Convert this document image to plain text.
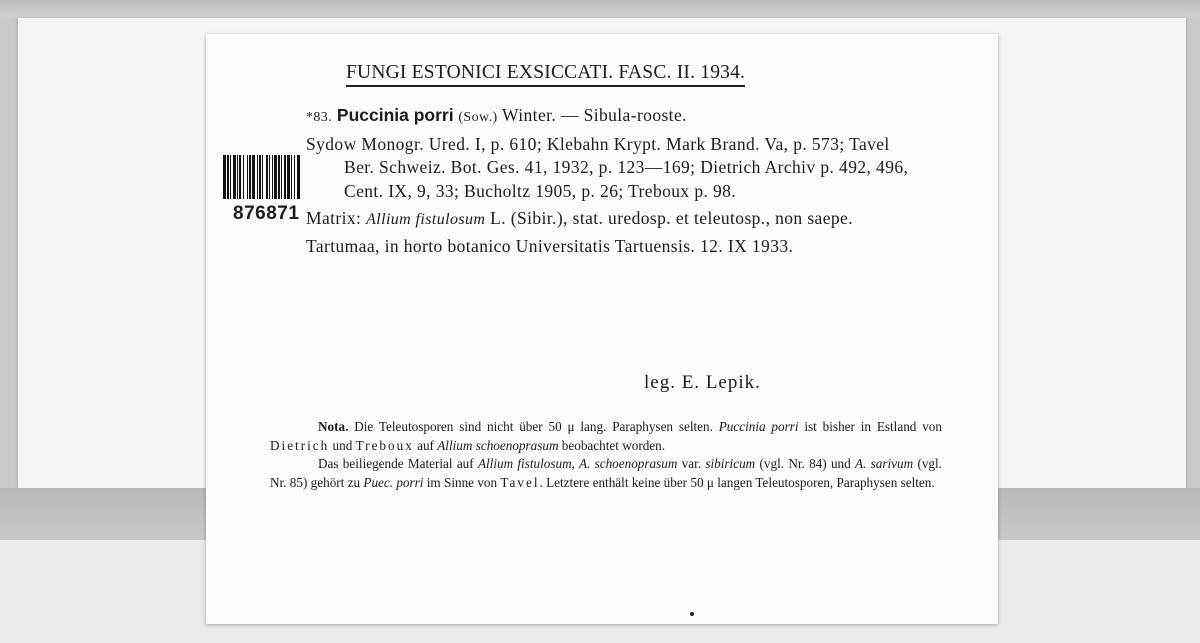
FUNGI ESTONICI EXSICCATI. FASC. II. 1934.
876871

*83. Puccinia porri (Sow.) Winter. — Sibula-rooste.

Sydow Monogr. Ured. I, p. 610; Klebahn Krypt. Mark Brand. Va, p. 573; Tavel Ber. Schweiz. Bot. Ges. 41, 1932, p. 123—169; Dietrich Archiv p. 492, 496, Cent. IX, 9, 33; Bucholtz 1905, p. 26; Treboux p. 98.

Matrix: Allium fistulosum L. (Sibir.), stat. uredosp. et teleutosp., non saepe.

Tartumaa, in horto botanico Universitatis Tartuensis. 12. IX 1933.

leg. E. Lepik.

Nota. Die Teleutosporen sind nicht über 50 μ lang. Paraphysen selten. Puccinia porri ist bisher in Estland von Dietrich und Treboux auf Allium schoenoprasum beobachtet worden.

Das beiliegende Material auf Allium fistulosum, A. schoenoprasum var. sibiricum (vgl. Nr. 84) und A. sarivum (vgl. Nr. 85) gehört zu Puec. porri im Sinne von Tavel. Letztere enthält keine über 50 μ langen Teleutosporen, Paraphysen selten.
